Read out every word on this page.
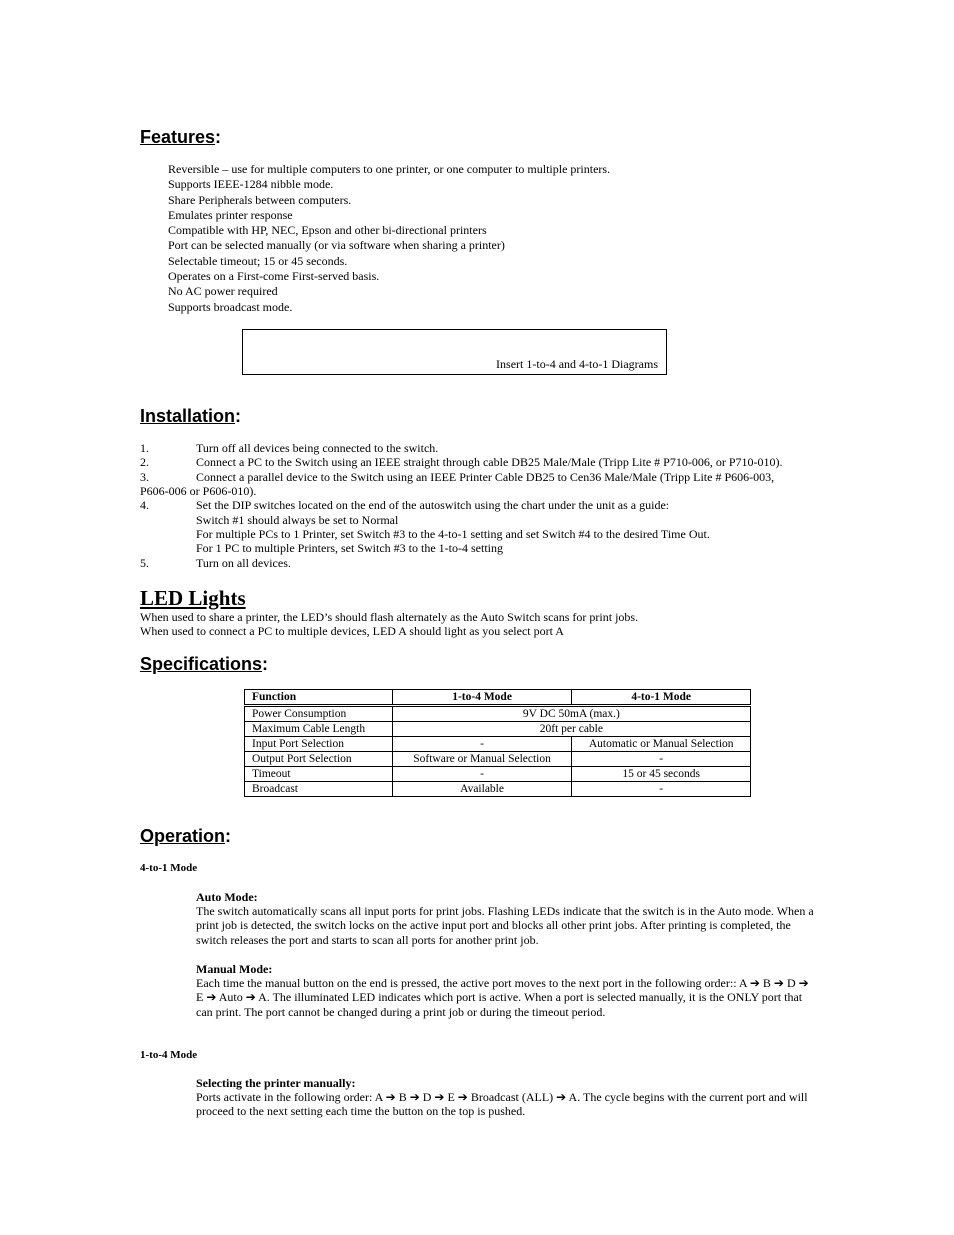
Features:
Reversible – use for multiple computers to one printer, or one computer to multiple printers.
Supports IEEE-1284 nibble mode.
Share Peripherals between computers.
Emulates printer response
Compatible with HP, NEC, Epson and other bi-directional printers
Port can be selected manually (or via software when sharing a printer)
Selectable timeout; 15 or 45 seconds.
Operates on a First-come First-served basis.
No AC power required
Supports broadcast mode.
Insert 1-to-4 and 4-to-1 Diagrams
Installation:
1.	Turn off all devices being connected to the switch.
2.	Connect a PC to the Switch using an IEEE straight through cable DB25 Male/Male (Tripp Lite # P710-006, or P710-010).
3.	Connect a parallel device to the Switch using an IEEE Printer Cable DB25 to Cen36 Male/Male (Tripp Lite # P606-003,
P606-006 or P606-010).
4.	Set the DIP switches located on the end of the autoswitch using the chart under the unit as a guide:
Switch #1 should always be set to Normal
For multiple PCs to 1 Printer, set Switch #3 to the 4-to-1 setting and set Switch #4 to the desired Time Out.
For 1 PC to multiple Printers, set Switch #3 to the 1-to-4 setting
5.	Turn on all devices.
LED Lights
When used to share a printer, the LED’s should flash alternately as the Auto Switch scans for print jobs.
When used to connect a PC to multiple devices, LED A should light as you select port A
Specifications:
Function	1-to-4 Mode	4-to-1 Mode
Power Consumption	9V DC 50mA (max.)	
Maximum Cable Length	20ft per cable	
Input Port Selection	-	Automatic or Manual Selection
Output Port Selection	Software or Manual Selection	-
Timeout	-	15 or 45 seconds
Broadcast	Available	-
Operation:
4-to-1 Mode
Auto Mode:
The switch automatically scans all input ports for print jobs. Flashing LEDs indicate that the switch is in the Auto mode. When a print job is detected, the switch locks on the active input port and blocks all other print jobs. After printing is completed, the switch releases the port and starts to scan all ports for another print job.
Manual Mode:
Each time the manual button on the end is pressed, the active port moves to the next port in the following order:: A ➔ B ➔ D ➔ E ➔ Auto ➔ A. The illuminated LED indicates which port is active. When a port is selected manually, it is the ONLY port that can print. The port cannot be changed during a print job or during the timeout period.
1-to-4 Mode
Selecting the printer manually:
Ports activate in the following order: A ➔ B ➔ D ➔ E ➔ Broadcast (ALL) ➔ A. The cycle begins with the current port and will proceed to the next setting each time the button on the top is pushed.
